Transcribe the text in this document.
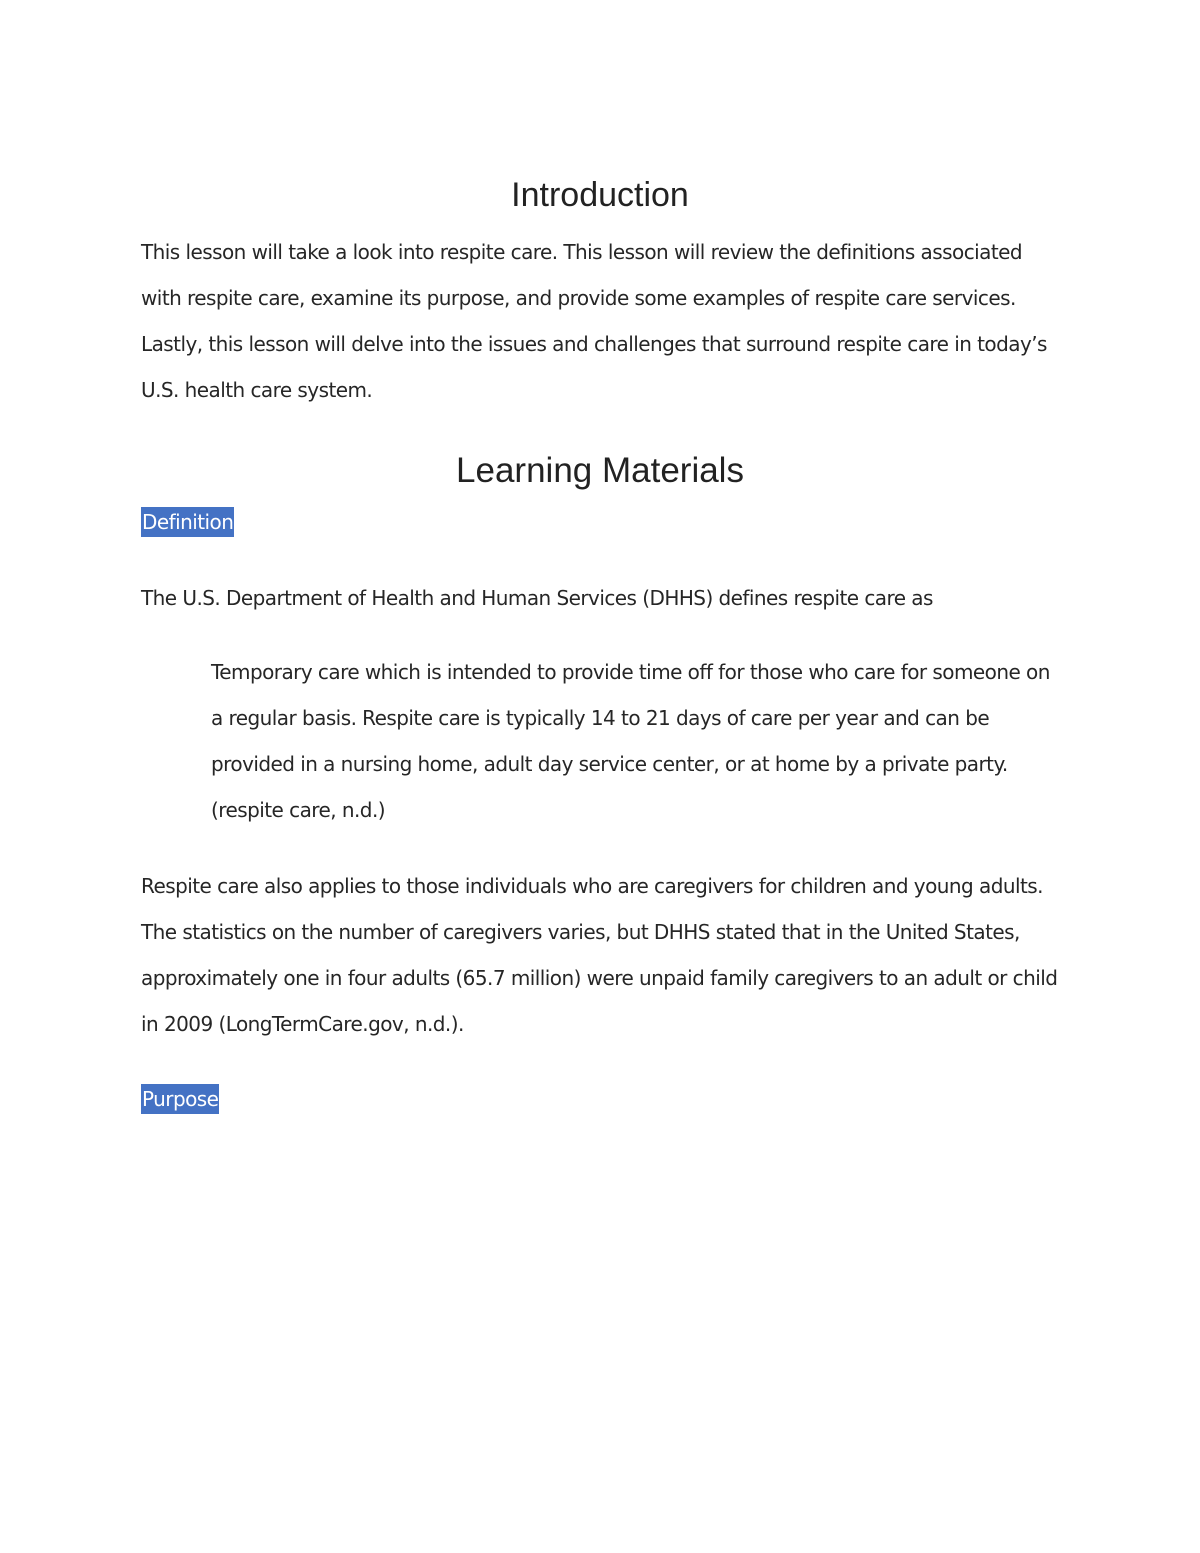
Introduction

This lesson will take a look into respite care. This lesson will review the definitions associated
with respite care, examine its purpose, and provide some examples of respite care services.
Lastly, this lesson will delve into the issues and challenges that surround respite care in today’s
U.S. health care system.

Learning Materials
Definition

The U.S. Department of Health and Human Services (DHHS) defines respite care as

Temporary care which is intended to provide time off for those who care for someone on
a regular basis. Respite care is typically 14 to 21 days of care per year and can be
provided in a nursing home, adult day service center, or at home by a private party.
(respite care, n.d.)

Respite care also applies to those individuals who are caregivers for children and young adults.
The statistics on the number of caregivers varies, but DHHS stated that in the United States,
approximately one in four adults (65.7 million) were unpaid family caregivers to an adult or child
in 2009 (LongTermCare.gov, n.d.).

Purpose
